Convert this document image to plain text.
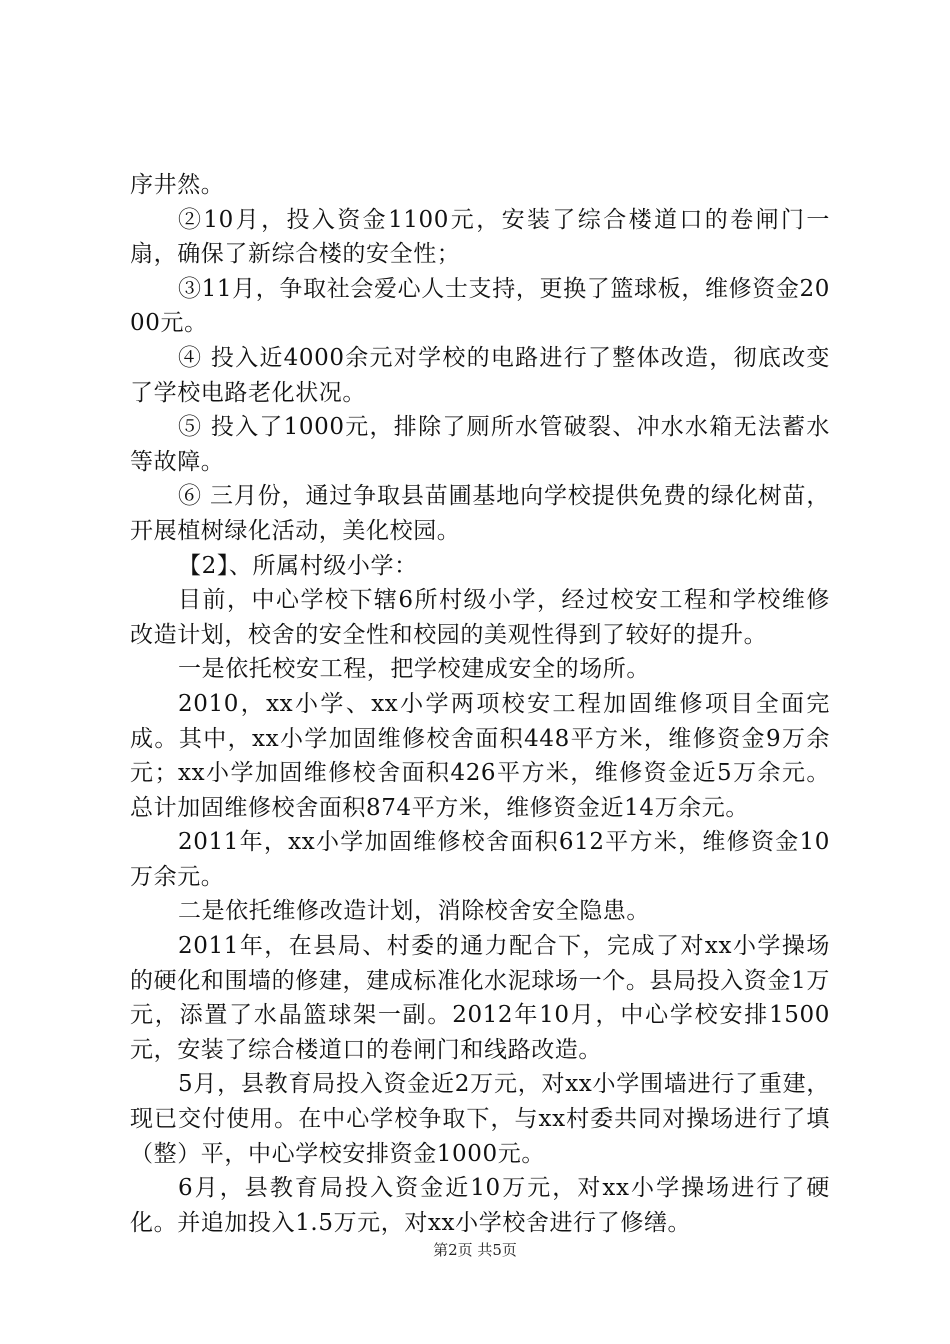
序井然。

②10月，投入资金1100元，安装了综合楼道口的卷闸门一扇，确保了新综合楼的安全性；

③11月，争取社会爱心人士支持，更换了篮球板，维修资金2000元。

④ 投入近4000余元对学校的电路进行了整体改造，彻底改变了学校电路老化状况。

⑤ 投入了1000元，排除了厕所水管破裂、冲水水箱无法蓄水等故障。

⑥ 三月份，通过争取县苗圃基地向学校提供免费的绿化树苗，开展植树绿化活动，美化校园。

【2】、所属村级小学：

目前，中心学校下辖6所村级小学，经过校安工程和学校维修改造计划，校舍的安全性和校园的美观性得到了较好的提升。

一是依托校安工程，把学校建成安全的场所。

2010，xx小学、xx小学两项校安工程加固维修项目全面完成。其中，xx小学加固维修校舍面积448平方米，维修资金9万余元；xx小学加固维修校舍面积426平方米，维修资金近5万余元。总计加固维修校舍面积874平方米，维修资金近14万余元。

2011年，xx小学加固维修校舍面积612平方米，维修资金10万余元。

二是依托维修改造计划，消除校舍安全隐患。

2011年，在县局、村委的通力配合下，完成了对xx小学操场的硬化和围墙的修建，建成标准化水泥球场一个。县局投入资金1万元，添置了水晶篮球架一副。2012年10月，中心学校安排1500元，安装了综合楼道口的卷闸门和线路改造。

5月，县教育局投入资金近2万元，对xx小学围墙进行了重建，现已交付使用。在中心学校争取下，与xx村委共同对操场进行了填（整）平，中心学校安排资金1000元。

6月，县教育局投入资金近10万元，对xx小学操场进行了硬化。并追加投入1.5万元，对xx小学校舍进行了修缮。

第2页 共5页
